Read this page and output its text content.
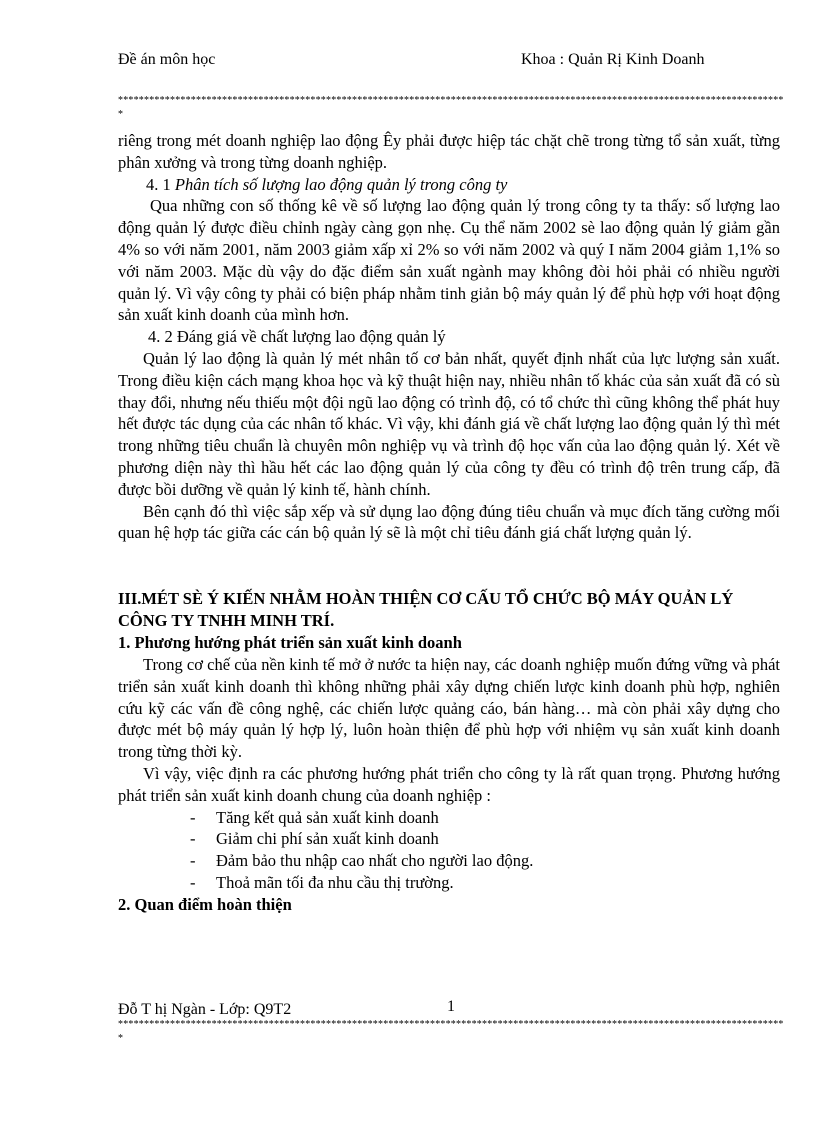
Đề án môn học	Khoa : Quản Rị Kinh Doanh
*********************************************************************************************************************************

riêng trong mét doanh nghiệp lao động Êy phải được hiệp tác chặt chẽ trong từng tổ sản xuất, từng phân xưởng và trong từng doanh nghiệp.

4. 1 Phân tích số lượng lao động quản lý trong công ty

Qua những con số thống kê về số lượng lao động quản lý trong công ty ta thấy: số lượng lao động quản lý được điều chỉnh ngày càng gọn nhẹ. Cụ thể năm 2002 sè lao động quản lý giảm gần 4% so với năm 2001, năm 2003 giảm xấp xỉ 2% so với năm 2002 và quý I năm 2004 giảm 1,1% so với năm 2003. Mặc dù vậy do đặc điểm sản xuất ngành may không đòi hỏi phải có nhiều người quản lý. Vì vậy công ty phải có biện pháp nhằm tinh giản bộ máy quản lý để phù hợp với hoạt động sản xuất kinh doanh của mình hơn.

4. 2 Đáng giá về chất lượng lao động quản lý

Quản lý lao động là quản lý mét nhân tố cơ bản nhất, quyết định nhất của lực lượng sản xuất. Trong điều kiện cách mạng khoa học và kỹ thuật hiện nay, nhiều nhân tố khác của sản xuất đã có sù thay đổi, nhưng nếu thiếu một đội ngũ lao động có trình độ, có tổ chức thì cũng không thể phát huy hết được tác dụng của các nhân tố khác. Vì vậy, khi đánh giá về chất lượng lao động quản lý thì mét trong những tiêu chuẩn là chuyên môn nghiệp vụ và trình độ học vấn của lao động quản lý. Xét về phương diện này thì hầu hết các lao động quản lý của công ty đều có trình độ trên trung cấp, đã được bồi dưỡng về quản lý kinh tế, hành chính.

Bên cạnh đó thì việc sắp xếp và sử dụng lao động đúng tiêu chuẩn và mục đích tăng cường mối quan hệ hợp tác giữa các cán bộ quản lý sẽ là một chỉ tiêu đánh giá chất lượng quản lý.

III.MÉT SÈ Ý KIẾN NHẰM HOÀN THIỆN CƠ CẤU TỔ CHỨC BỘ MÁY QUẢN LÝ CÔNG TY TNHH MINH TRÍ.

1. Phương hướng phát triển sản xuất kinh doanh

Trong cơ chế của nền kinh tế mở ở nước ta hiện nay, các doanh nghiệp muốn đứng vững và phát triển sản xuất kinh doanh thì không những phải xây dựng chiến lược kinh doanh phù hợp, nghiên cứu kỹ các vấn đề công nghệ, các chiến lược quảng cáo, bán hàng… mà còn phải xây dựng cho được mét bộ máy quản lý hợp lý, luôn hoàn thiện để phù hợp với nhiệm vụ sản xuất kinh doanh trong từng thời kỳ.

Vì vậy, việc định ra các phương hướng phát triển cho công ty là rất quan trọng. Phương hướng phát triển sản xuất kinh doanh chung của doanh nghiệp :

- Tăng kết quả sản xuất kinh doanh
- Giảm chi phí sản xuất kinh doanh
- Đảm bảo thu nhập cao nhất cho người lao động.
- Thoả mãn tối đa nhu cầu thị trường.

2. Quan điểm hoàn thiện

Đỗ T hị Ngàn - Lớp: Q9T2	1
*********************************************************************************************************************************
